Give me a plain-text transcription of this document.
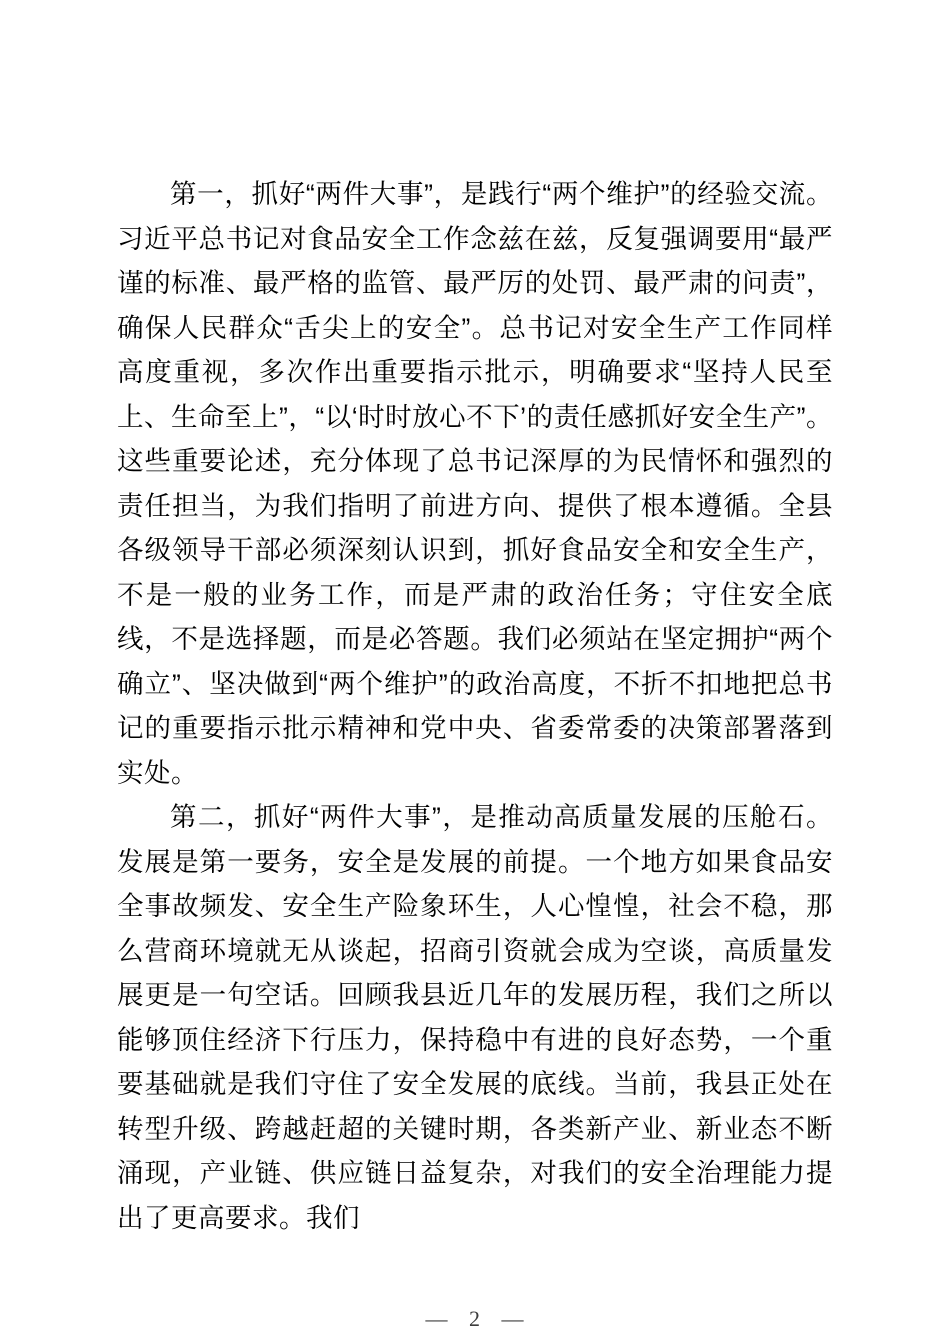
第一，抓好“两件大事”，是践行“两个维护”的经验交流。习近平总书记对食品安全工作念兹在兹，反复强调要用“最严谨的标准、最严格的监管、最严厉的处罚、最严肃的问责”，确保人民群众“舌尖上的安全”。总书记对安全生产工作同样高度重视，多次作出重要指示批示，明确要求“坚持人民至上、生命至上”，“以‘时时放心不下’的责任感抓好安全生产”。这些重要论述，充分体现了总书记深厚的为民情怀和强烈的责任担当，为我们指明了前进方向、提供了根本遵循。全县各级领导干部必须深刻认识到，抓好食品安全和安全生产，不是一般的业务工作，而是严肃的政治任务；守住安全底线，不是选择题，而是必答题。我们必须站在坚定拥护“两个确立”、坚决做到“两个维护”的政治高度，不折不扣地把总书记的重要指示批示精神和党中央、省委常委的决策部署落到实处。

第二，抓好“两件大事”，是推动高质量发展的压舱石。发展是第一要务，安全是发展的前提。一个地方如果食品安全事故频发、安全生产险象环生，人心惶惶，社会不稳，那么营商环境就无从谈起，招商引资就会成为空谈，高质量发展更是一句空话。回顾我县近几年的发展历程，我们之所以能够顶住经济下行压力，保持稳中有进的良好态势，一个重要基础就是我们守住了安全发展的底线。当前，我县正处在转型升级、跨越赶超的关键时期，各类新产业、新业态不断涌现，产业链、供应链日益复杂，对我们的安全治理能力提出了更高要求。我们

— 2 —
